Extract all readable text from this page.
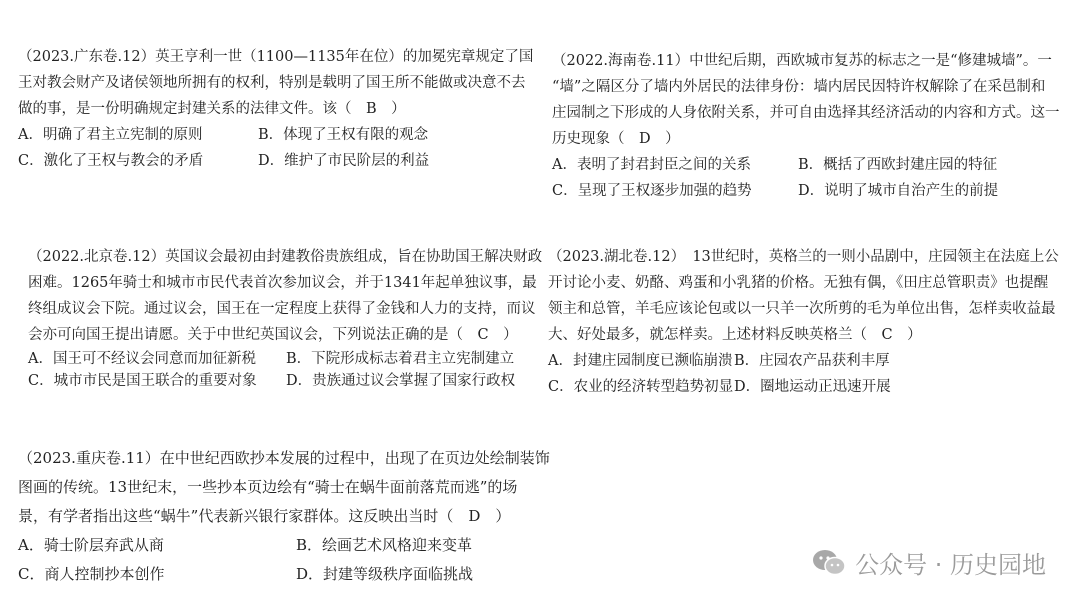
（2023.广东卷.12）英王亨利一世（1100—1135年在位）的加冕宪章规定了国

王对教会财产及诸侯领地所拥有的权利，特别是载明了国王所不能做或决意不去

做的事，是一份明确规定封建关系的法律文件。该（　B　）

A．明确了君主立宪制的原则	B．体现了王权有限的观念
C．激化了王权与教会的矛盾	D．维护了市民阶层的利益

（2022.海南卷.11）中世纪后期，西欧城市复苏的标志之一是“修建城墙”。一

“墙”之隔区分了墙内外居民的法律身份：墙内居民因特许权解除了在采邑制和

庄园制之下形成的人身依附关系，并可自由选择其经济活动的内容和方式。这一

历史现象（　D　）

A．表明了封君封臣之间的关系	B．概括了西欧封建庄园的特征
C．呈现了王权逐步加强的趋势	D．说明了城市自治产生的前提

（2022.北京卷.12）英国议会最初由封建教俗贵族组成，旨在协助国王解决财政

困难。1265年骑士和城市市民代表首次参加议会，并于1341年起单独议事，最

终组成议会下院。通过议会，国王在一定程度上获得了金钱和人力的支持，而议

会亦可向国王提出请愿。关于中世纪英国议会，下列说法正确的是（　C　）

A．国王可不经议会同意而加征新税	B．下院形成标志着君主立宪制建立
C．城市市民是国王联合的重要对象	D．贵族通过议会掌握了国家行政权

（2023.湖北卷.12）　13世纪时，英格兰的一则小品剧中，庄园领主在法庭上公

开讨论小麦、奶酪、鸡蛋和小乳猪的价格。无独有偶，《田庄总管职责》也提醒

领主和总管，羊毛应该论包或以一只羊一次所剪的毛为单位出售，怎样卖收益最

大、好处最多，就怎样卖。上述材料反映英格兰（　C　）

A．封建庄园制度已濒临崩溃 B．庄园农产品获利丰厚
C．农业的经济转型趋势初显 D．圈地运动正迅速开展

（2023.重庆卷.11）在中世纪西欧抄本发展的过程中，出现了在页边处绘制装饰

图画的传统。13世纪末，一些抄本页边绘有“骑士在蜗牛面前落荒而逃”的场

景，有学者指出这些“蜗牛”代表新兴银行家群体。这反映出当时（　D　）

A．骑士阶层弃武从商	B．绘画艺术风格迎来变革
C．商人控制抄本创作	D．封建等级秩序面临挑战	公众号 · 历史园地
